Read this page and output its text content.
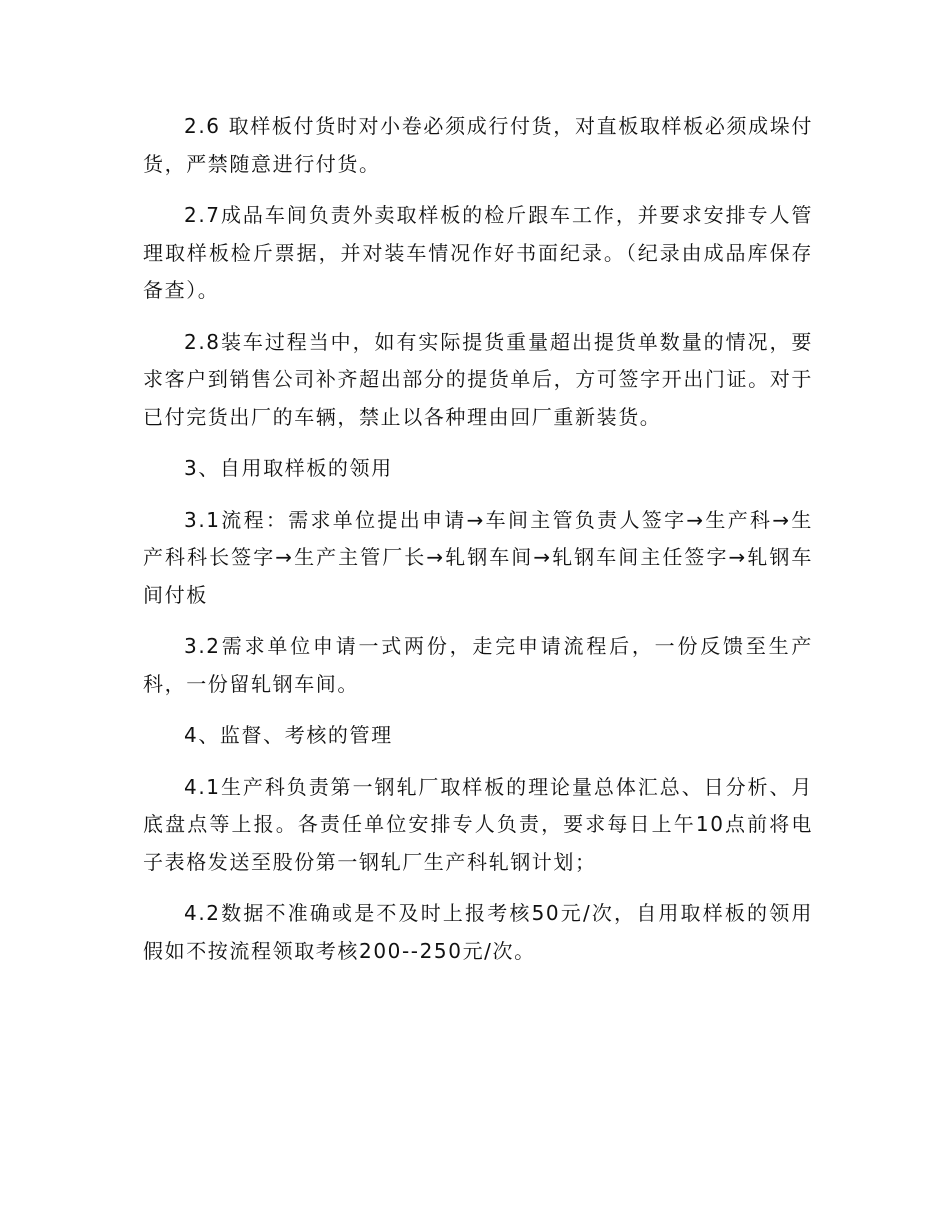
2.6 取样板付货时对小卷必须成行付货，对直板取样板必须成垛付货，严禁随意进行付货。

2.7成品车间负责外卖取样板的检斤跟车工作，并要求安排专人管理取样板检斤票据，并对装车情况作好书面纪录。（纪录由成品库保存备查）。

2.8装车过程当中，如有实际提货重量超出提货单数量的情况，要求客户到销售公司补齐超出部分的提货单后，方可签字开出门证。对于已付完货出厂的车辆，禁止以各种理由回厂重新装货。

3、自用取样板的领用

3.1流程：需求单位提出申请→车间主管负责人签字→生产科→生产科科长签字→生产主管厂长→轧钢车间→轧钢车间主任签字→轧钢车间付板

3.2需求单位申请一式两份，走完申请流程后，一份反馈至生产科，一份留轧钢车间。

4、监督、考核的管理

4.1生产科负责第一钢轧厂取样板的理论量总体汇总、日分析、月底盘点等上报。各责任单位安排专人负责，要求每日上午10点前将电子表格发送至股份第一钢轧厂生产科轧钢计划；

4.2数据不准确或是不及时上报考核50元/次，自用取样板的领用假如不按流程领取考核200--250元/次。
